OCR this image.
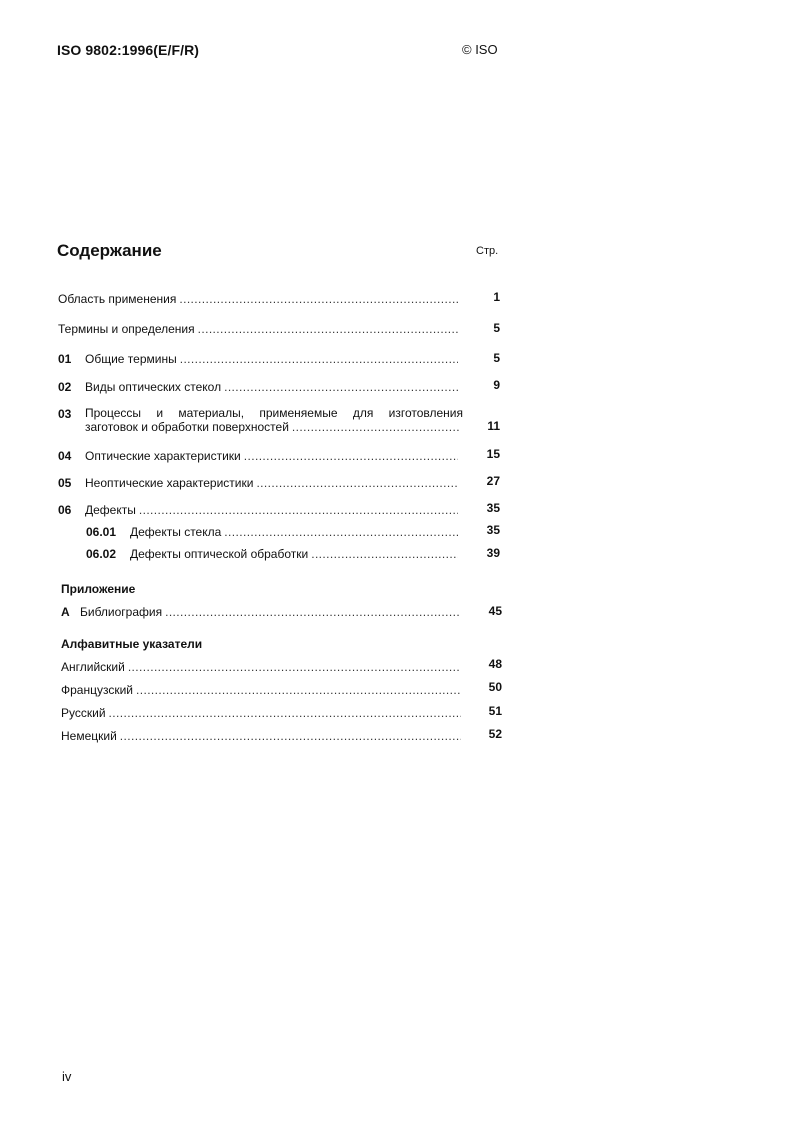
ISO 9802:1996(E/F/R)	© ISO
Содержание	Стр.
Область применения .....	1
Термины и определения .....	5
01	Общие термины .....	5
02	Виды оптических стекол .....	9
03 Процессы и материалы, применяемые для изготовления
заготовок и обработки поверхностей .....	11
04	Оптические характеристики .....	15
05	Неоптические характеристики .....	27
06	Дефекты .....	35
06.01	Дефекты стекла .....	35
06.02	Дефекты оптической обработки .....	39
Приложение
A Библиография .....	45
Алфавитные указатели
Английский .....	48
Французский .....	50
Русский .....	51
Немецкий .....	52
iv
